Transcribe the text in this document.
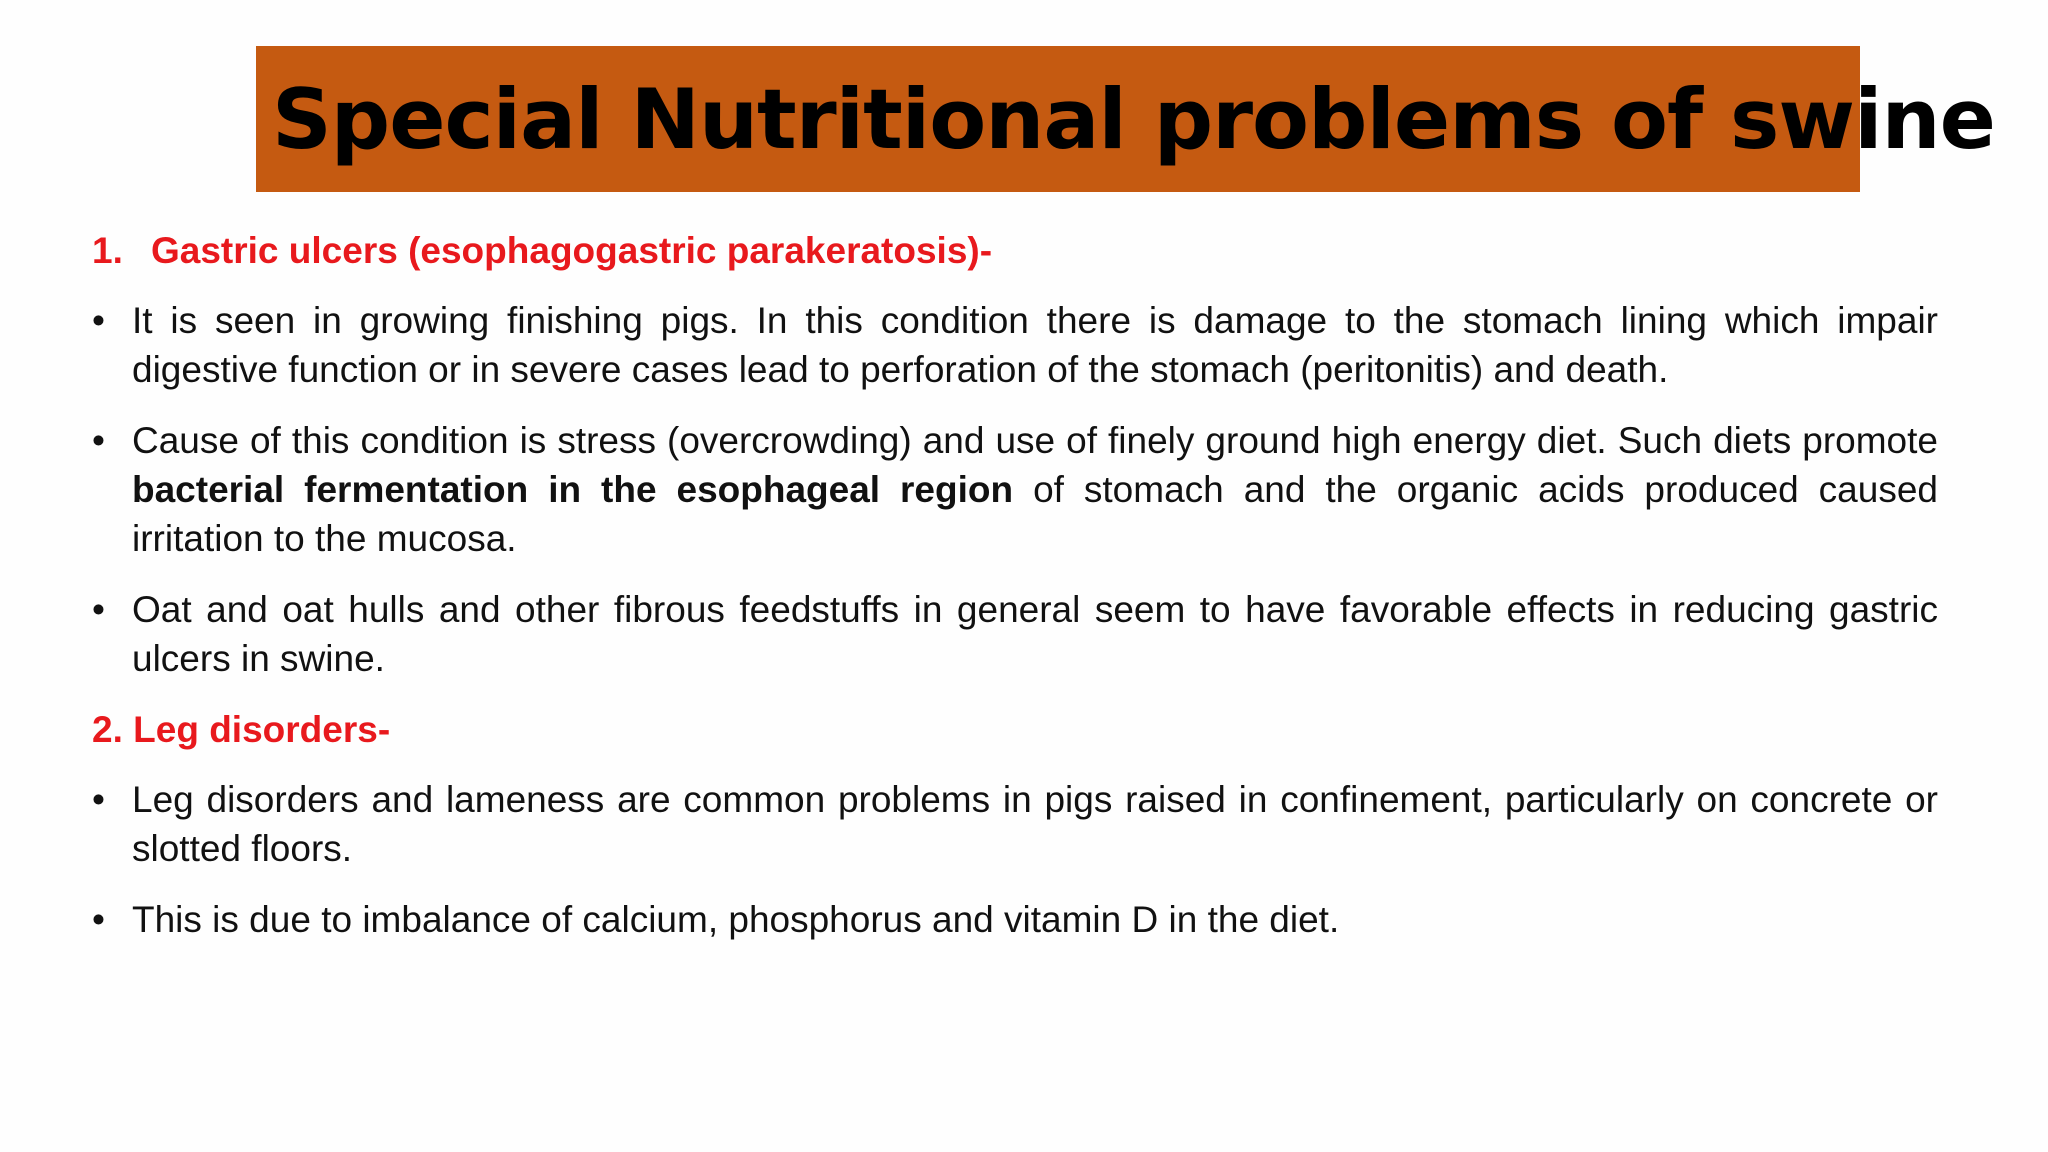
Special Nutritional problems of swine
1. Gastric ulcers (esophagogastric parakeratosis)-
• It is seen in growing finishing pigs. In this condition there is damage to the stomach lining which impair digestive function or in severe cases lead to perforation of the stomach (peritonitis) and death.
• Cause of this condition is stress (overcrowding) and use of finely ground high energy diet. Such diets promote bacterial fermentation in the esophageal region of stomach and the organic acids produced caused irritation to the mucosa.
• Oat and oat hulls and other fibrous feedstuffs in general seem to have favorable effects in reducing gastric ulcers in swine.
2. Leg disorders-
• Leg disorders and lameness are common problems in pigs raised in confinement, particularly on concrete or slotted floors.
• This is due to imbalance of calcium, phosphorus and vitamin D in the diet.
